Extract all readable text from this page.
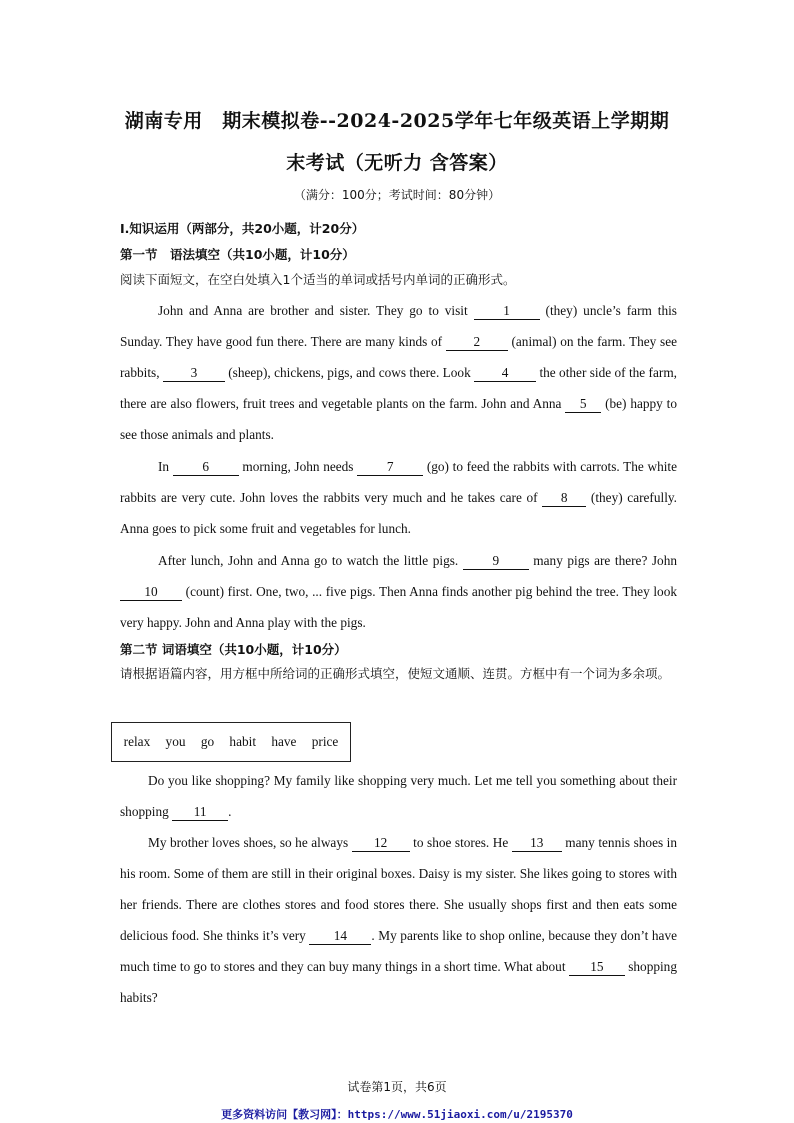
湖南专用　期末模拟卷--2024-2025学年七年级英语上学期期
末考试（无听力 含答案）
（满分：100分；考试时间：80分钟）
I.知识运用（两部分，共20小题，计20分）
第一节　语法填空（共10小题，计10分）
阅读下面短文，在空白处填入1个适当的单词或括号内单词的正确形式。
John and Anna are brother and sister. They go to visit 1 (they) uncle’s farm this Sunday. They have good fun there. There are many kinds of 2 (animal) on the farm. They see rabbits, 3 (sheep), chickens, pigs, and cows there. Look 4 the other side of the farm, there are also flowers, fruit trees and vegetable plants on the farm. John and Anna 5 (be) happy to see those animals and plants.
In 6 morning, John needs 7 (go) to feed the rabbits with carrots. The white rabbits are very cute. John loves the rabbits very much and he takes care of 8 (they) carefully. Anna goes to pick some fruit and vegetables for lunch.
After lunch, John and Anna go to watch the little pigs. 9 many pigs are there? John 10 (count) first. One, two, ... five pigs. Then Anna finds another pig behind the tree. They look very happy. John and Anna play with the pigs.
第二节 词语填空（共10小题，计10分）
请根据语篇内容，用方框中所给词的正确形式填空，使短文通顺、连贯。方框中有一个词为多余项。
relax you go habit have price
Do you like shopping? My family like shopping very much. Let me tell you something about their shopping 11 .
My brother loves shoes, so he always 12 to shoe stores. He 13 many tennis shoes in his room. Some of them are still in their original boxes. Daisy is my sister. She likes going to stores with her friends. There are clothes stores and food stores there. She usually shops first and then eats some delicious food. She thinks it’s very 14 . My parents like to shop online, because they don’t have much time to go to stores and they can buy many things in a short time. What about 15 shopping habits?
试卷第1页，共6页
更多资料访问【教习网】：https://www.51jiaoxi.com/u/2195370
